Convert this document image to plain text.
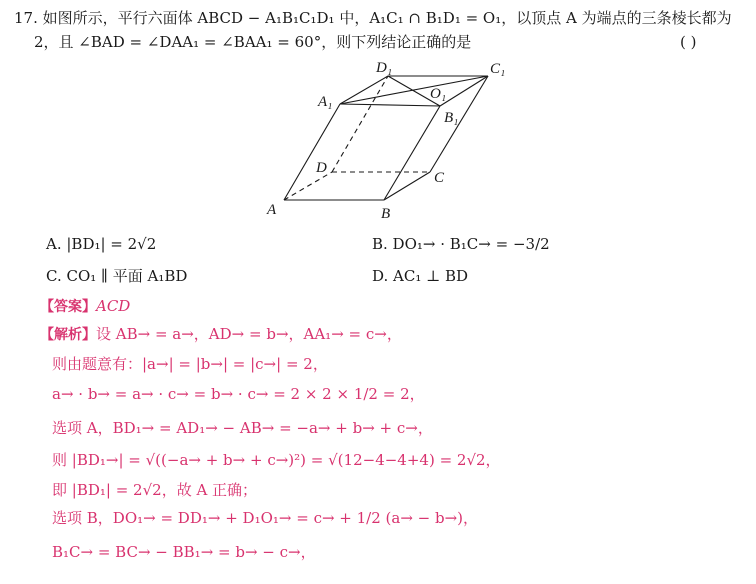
17. 如图所示，平行六面体 ABCD − A₁B₁C₁D₁ 中，A₁C₁ ∩ B₁D₁ = O₁，以顶点 A 为端点的三条棱长都为
2，且 ∠BAD = ∠DAA₁ = ∠BAA₁ = 60°，则下列结论正确的是	( )
D₁	C₁
A₁	O₁
B₁
D
C
A	B
A. |BD₁| = 2√2	B. DO₁→ · B₁C→ = −3/2
C. CO₁ ∥ 平面 A₁BD	D. AC₁ ⊥ BD
【答案】ACD
【解析】设 AB→ = a→，AD→ = b→，AA₁→ = c→，
则由题意有：|a→| = |b→| = |c→| = 2，
a→ · b→ = a→ · c→ = b→ · c→ = 2 × 2 × 1/2 = 2，
选项 A，BD₁→ = AD₁→ − AB→ = −a→ + b→ + c→，
则 |BD₁→| = √((−a→ + b→ + c→)²) = √(12−4−4+4) = 2√2，
即 |BD₁| = 2√2，故 A 正确；
选项 B，DO₁→ = DD₁→ + D₁O₁→ = c→ + 1/2 (a→ − b→)，
B₁C→ = BC→ − BB₁→ = b→ − c→，
